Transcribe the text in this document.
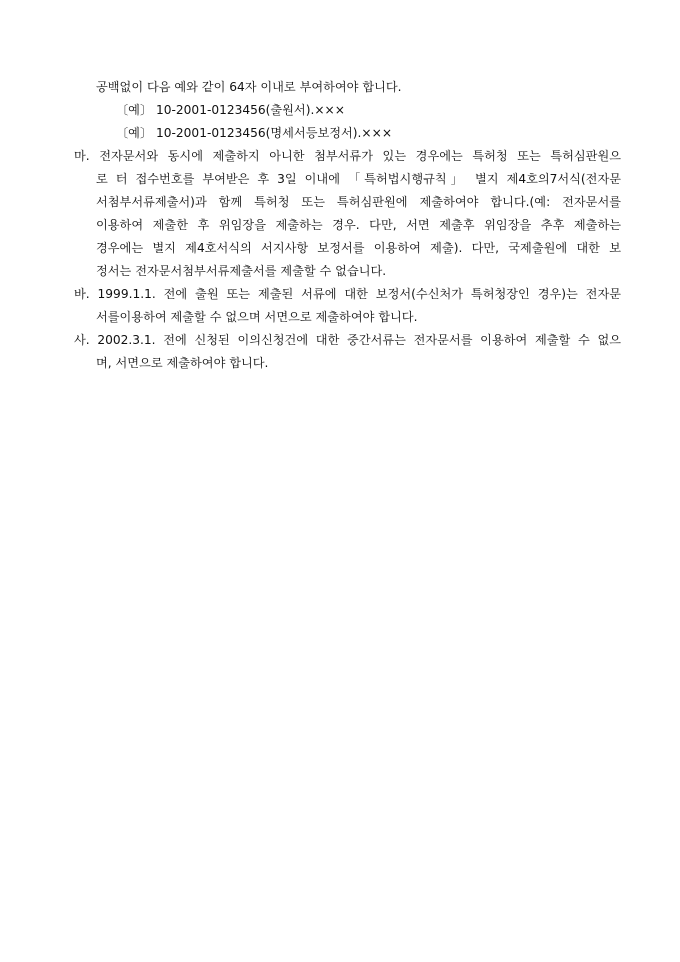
공백없이 다음 예와 같이 64자 이내로 부여하여야 합니다.
〔예〕 10-2001-0123456(출원서).×××
〔예〕 10-2001-0123456(명세서등보정서).×××
마. 전자문서와 동시에 제출하지 아니한 첨부서류가 있는 경우에는 특허청 또는 특허심판원으
로 터 접수번호를 부여받은 후 3일 이내에 「특허법시행규칙」 별지 제4호의7서식(전자문
서첨부서류제출서)과 함께 특허청 또는 특허심판원에 제출하여야 합니다.(예: 전자문서를
이용하여 제출한 후 위임장을 제출하는 경우. 다만, 서면 제출후 위임장을 추후 제출하는
경우에는 별지 제4호서식의 서지사항 보정서를 이용하여 제출). 다만, 국제출원에 대한 보
정서는 전자문서첨부서류제출서를 제출할 수 없습니다.
바. 1999.1.1. 전에 출원 또는 제출된 서류에 대한 보정서(수신처가 특허청장인 경우)는 전자문
서를이용하여 제출할 수 없으며 서면으로 제출하여야 합니다.
사. 2002.3.1. 전에 신청된 이의신청건에 대한 중간서류는 전자문서를 이용하여 제출할 수 없으
며, 서면으로 제출하여야 합니다.
